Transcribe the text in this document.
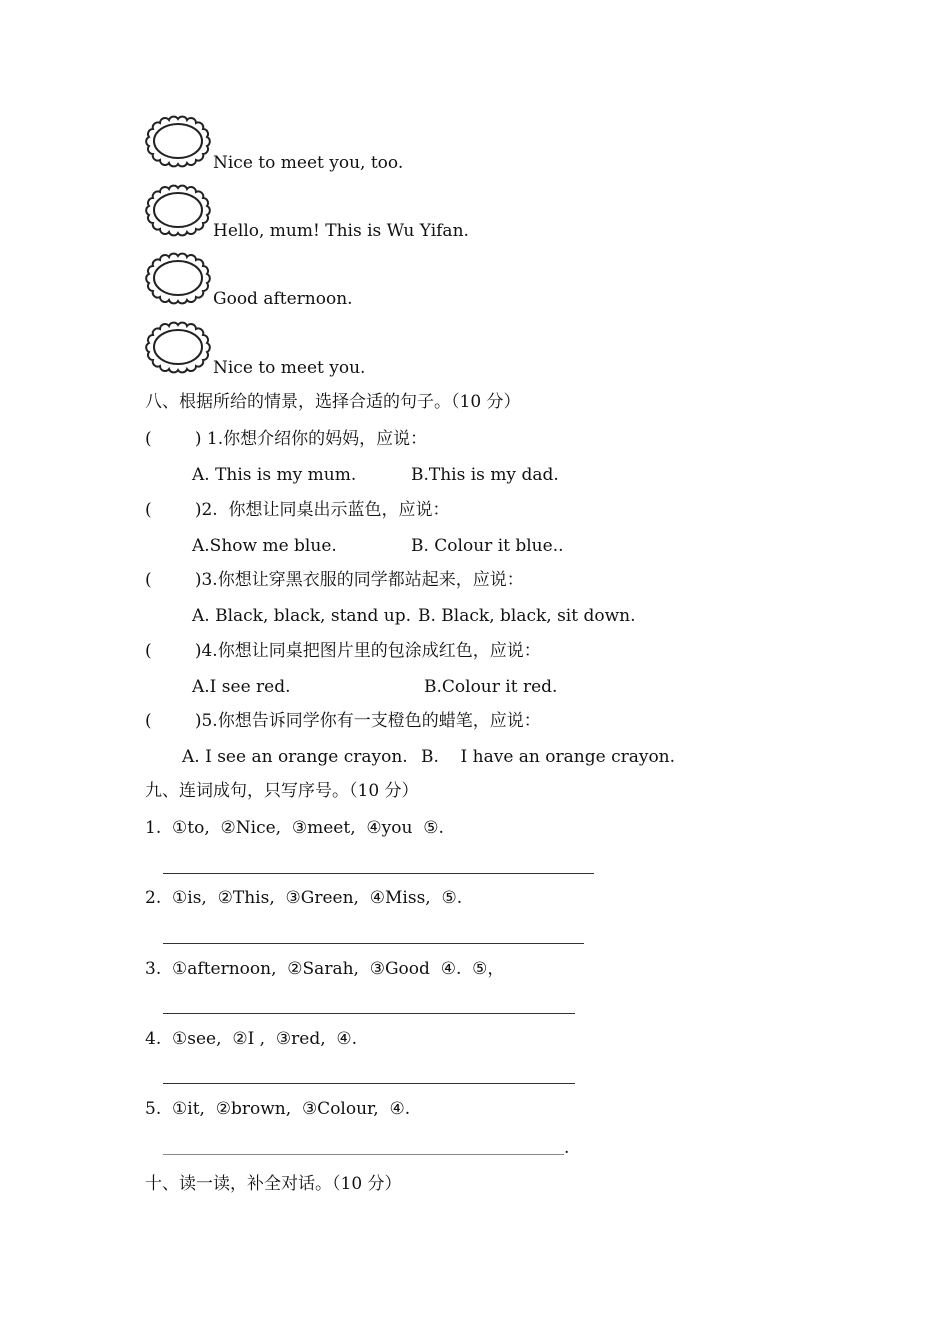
Nice to meet you, too.
Hello, mum! This is Wu Yifan.
Good afternoon.
Nice to meet you.
八、根据所给的情景，选择合适的句子。（10 分）
(        ) 1.你想介绍你的妈妈，应说：
A. This is my mum.	B.This is my dad.
(        )2.  你想让同桌出示蓝色，应说：
A.Show me blue.	B. Colour it blue..
(        )3.你想让穿黑衣服的同学都站起来，应说：
A. Black, black, stand up. B. Black, black, sit down.
(        )4.你想让同桌把图片里的包涂成红色，应说：
A.I see red.	B.Colour it red.
(        )5.你想告诉同学你有一支橙色的蜡笔，应说：
A. I see an orange crayon. B.    I have an orange crayon.
九、连词成句，只写序号。（10 分）
1.  ①to,  ②Nice,  ③meet,  ④you  ⑤.
2.  ①is,  ②This,  ③Green,  ④Miss,  ⑤.
3.  ①afternoon,  ②Sarah,  ③Good  ④.  ⑤，
4.  ①see,  ②I ,  ③red,  ④.
5.  ①it,  ②brown,  ③Colour,  ④.
.
十、读一读，补全对话。（10 分）
